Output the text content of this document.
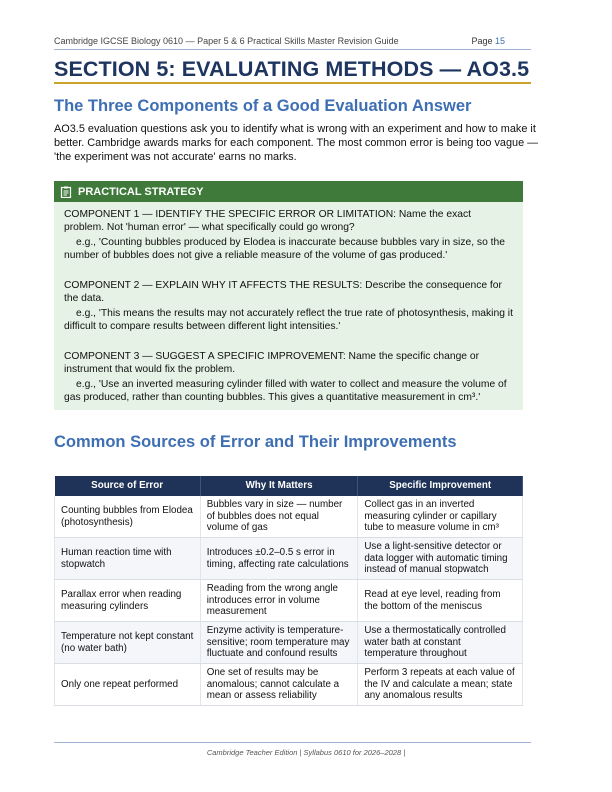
Cambridge IGCSE Biology 0610 — Paper 5 & 6 Practical Skills Master Revision Guide	Page 15
SECTION 5: EVALUATING METHODS — AO3.5
The Three Components of a Good Evaluation Answer

AO3.5 evaluation questions ask you to identify what is wrong with an experiment and how to make it better. Cambridge awards marks for each component. The most common error is being too vague — 'the experiment was not accurate' earns no marks.

PRACTICAL STRATEGY

COMPONENT 1 — IDENTIFY THE SPECIFIC ERROR OR LIMITATION: Name the exact problem. Not 'human error' — what specifically could go wrong?

e.g., 'Counting bubbles produced by Elodea is inaccurate because bubbles vary in size, so the number of bubbles does not give a reliable measure of the volume of gas produced.'

COMPONENT 2 — EXPLAIN WHY IT AFFECTS THE RESULTS: Describe the consequence for the data.

e.g., 'This means the results may not accurately reflect the true rate of photosynthesis, making it difficult to compare results between different light intensities.'

COMPONENT 3 — SUGGEST A SPECIFIC IMPROVEMENT: Name the specific change or instrument that would fix the problem.

e.g., 'Use an inverted measuring cylinder filled with water to collect and measure the volume of gas produced, rather than counting bubbles. This gives a quantitative measurement in cm³.'

Common Sources of Error and Their Improvements
Source of Error	Why It Matters	Specific Improvement
Counting bubbles from Elodea (photosynthesis)	Bubbles vary in size — number of bubbles does not equal volume of gas	Collect gas in an inverted measuring cylinder or capillary tube to measure volume in cm³
Human reaction time with stopwatch	Introduces ±0.2–0.5 s error in timing, affecting rate calculations	Use a light-sensitive detector or data logger with automatic timing instead of manual stopwatch
Parallax error when reading measuring cylinders	Reading from the wrong angle introduces error in volume measurement	Read at eye level, reading from the bottom of the meniscus
Temperature not kept constant (no water bath)	Enzyme activity is temperature-sensitive; room temperature may fluctuate and confound results	Use a thermostatically controlled water bath at constant temperature throughout
Only one repeat performed	One set of results may be anomalous; cannot calculate a mean or assess reliability	Perform 3 repeats at each value of the IV and calculate a mean; state any anomalous results
Cambridge Teacher Edition | Syllabus 0610 for 2026–2028 |
